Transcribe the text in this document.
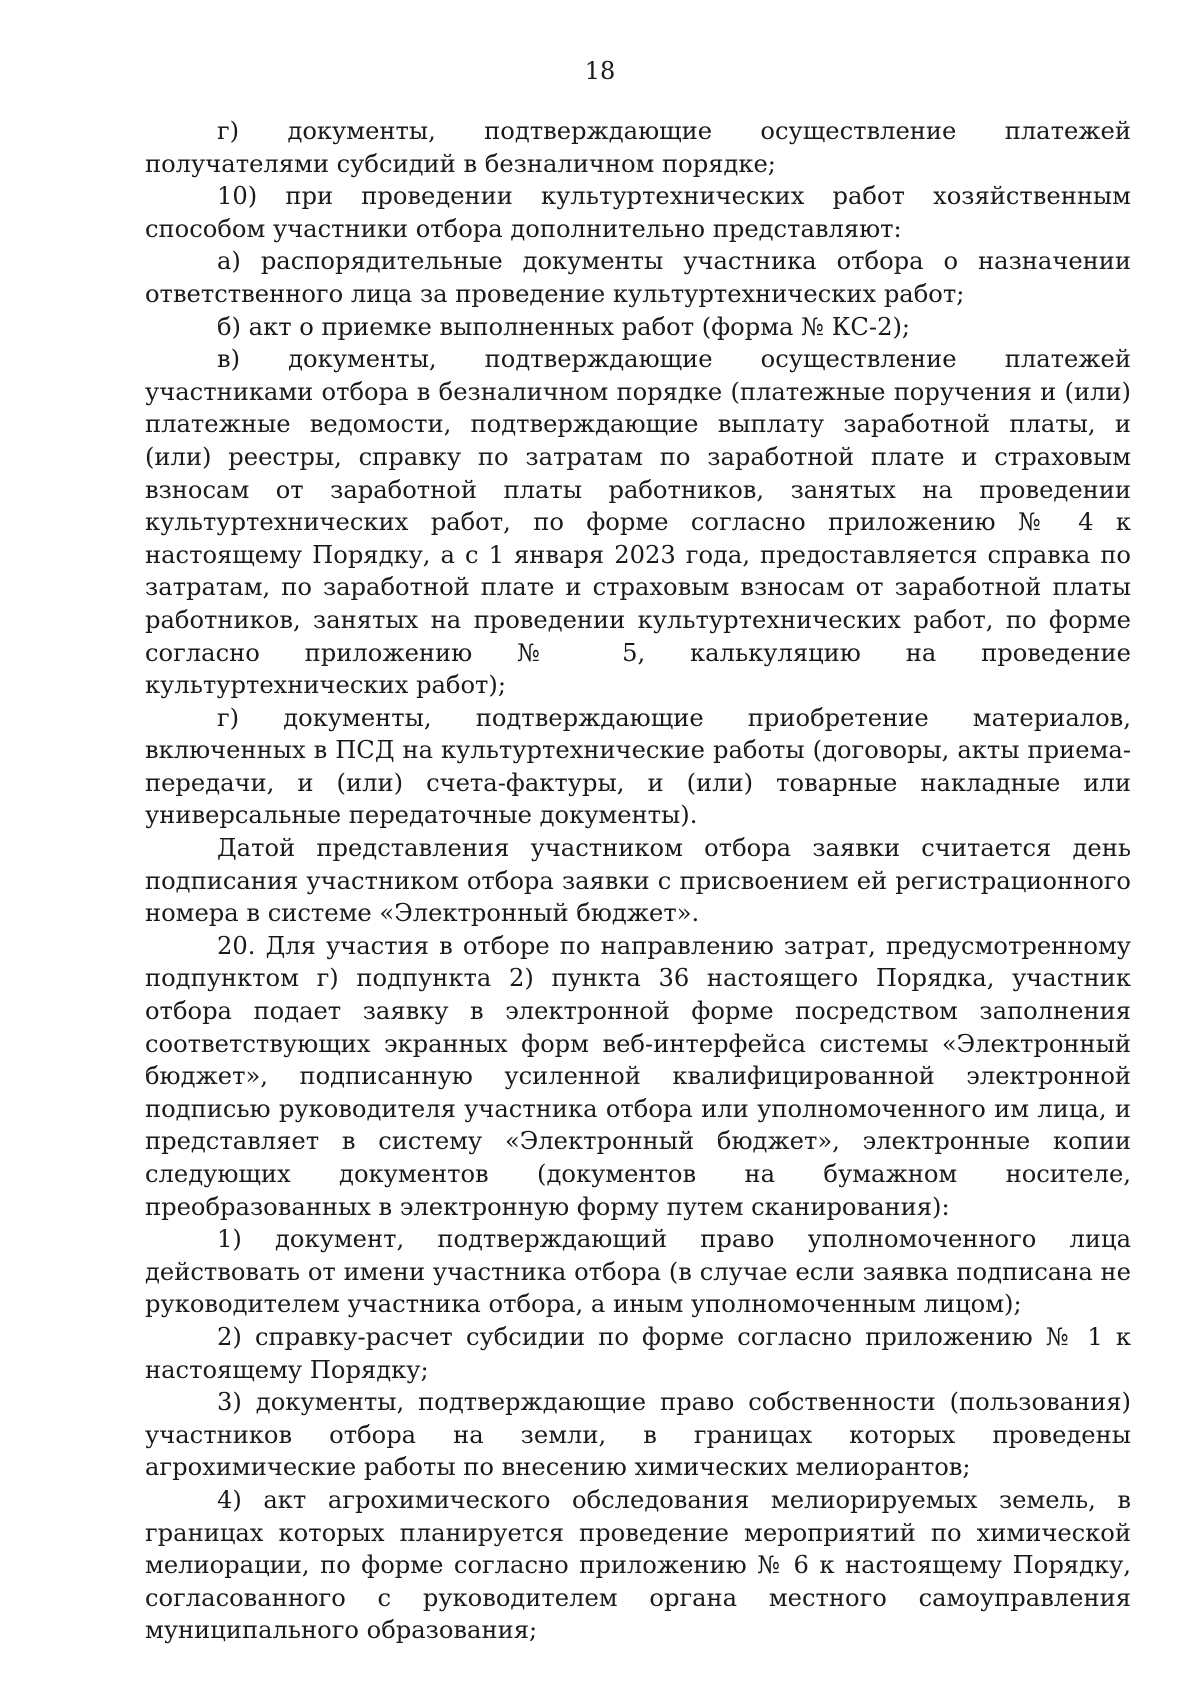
18

г) документы, подтверждающие осуществление платежей получателями субсидий в безналичном порядке;

10) при проведении культуртехнических работ хозяйственным способом участники отбора дополнительно представляют:

а) распорядительные документы участника отбора о назначении ответственного лица за проведение культуртехнических работ;

б) акт о приемке выполненных работ (форма № КС-2);

в) документы, подтверждающие осуществление платежей участниками отбора в безналичном порядке (платежные поручения и (или) платежные ведомости, подтверждающие выплату заработной платы, и (или) реестры, справку по затратам по заработной плате и страховым взносам от заработной платы работников, занятых на проведении культуртехнических работ, по форме согласно приложению № 4 к настоящему Порядку, а с 1 января 2023 года, предоставляется справка по затратам, по заработной плате и страховым взносам от заработной платы работников, занятых на проведении культуртехнических работ, по форме согласно приложению № 5, калькуляцию на проведение культуртехнических работ);

г) документы, подтверждающие приобретение материалов, включенных в ПСД на культуртехнические работы (договоры, акты приема-передачи, и (или) счета-фактуры, и (или) товарные накладные или универсальные передаточные документы).

Датой представления участником отбора заявки считается день подписания участником отбора заявки с присвоением ей регистрационного номера в системе «Электронный бюджет».

20. Для участия в отборе по направлению затрат, предусмотренному подпунктом г) подпункта 2) пункта 36 настоящего Порядка, участник отбора подает заявку в электронной форме посредством заполнения соответствующих экранных форм веб-интерфейса системы «Электронный бюджет», подписанную усиленной квалифицированной электронной подписью руководителя участника отбора или уполномоченного им лица, и представляет в систему «Электронный бюджет», электронные копии следующих документов (документов на бумажном носителе, преобразованных в электронную форму путем сканирования):

1) документ, подтверждающий право уполномоченного лица действовать от имени участника отбора (в случае если заявка подписана не руководителем участника отбора, а иным уполномоченным лицом);

2) справку-расчет субсидии по форме согласно приложению № 1 к настоящему Порядку;

3) документы, подтверждающие право собственности (пользования) участников отбора на земли, в границах которых проведены агрохимические работы по внесению химических мелиорантов;

4) акт агрохимического обследования мелиорируемых земель, в границах которых планируется проведение мероприятий по химической мелиорации, по форме согласно приложению № 6 к настоящему Порядку, согласованного с руководителем органа местного самоуправления муниципального образования;
